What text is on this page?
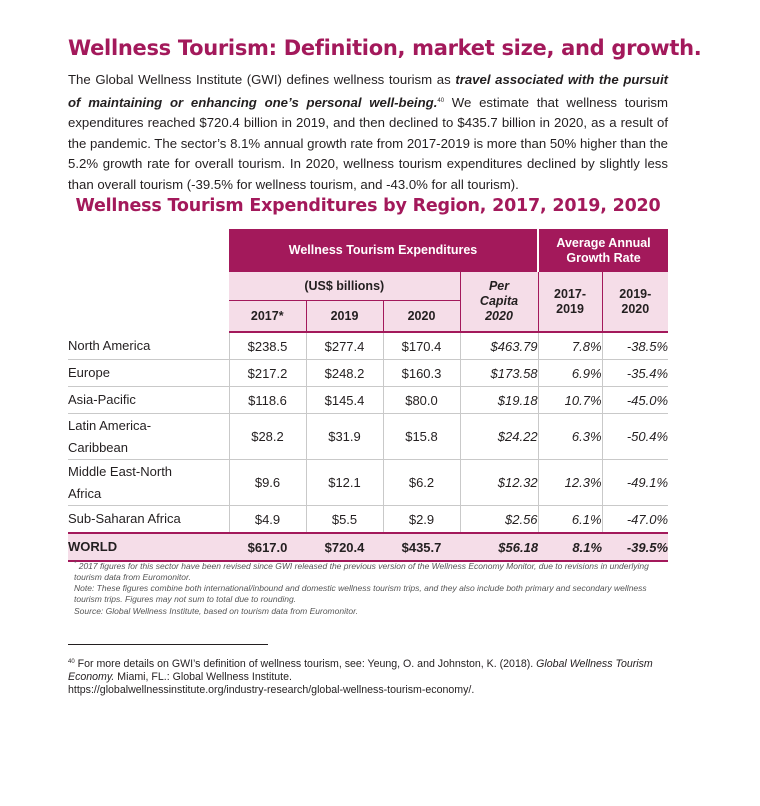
Wellness Tourism: Definition, market size, and growth.

The Global Wellness Institute (GWI) defines wellness tourism as travel associated with the pursuit of maintaining or enhancing one’s personal well-being.$^{40}$ We estimate that wellness tourism expenditures reached $720.4 billion in 2019, and then declined to $435.7 billion in 2020, as a result of the pandemic. The sector’s 8.1% annual growth rate from 2017-2019 is more than 50% higher than the 5.2% growth rate for overall tourism. In 2020, wellness tourism expenditures declined by slightly less than overall tourism (-39.5% for wellness tourism, and -43.0% for all tourism).

Wellness Tourism Expenditures by Region, 2017, 2019, 2020
	Wellness Tourism Expenditures				Average Annual Growth Rate	

	(US$ billions)			Per Capita 2020	2017-2019	2019-2020

	2017*	2019	2020			
North America	$238.5	$277.4	$170.4	$463.79	7.8%	-38.5%
Europe	$217.2	$248.2	$160.3	$173.58	6.9%	-35.4%
Asia-Pacific	$118.6	$145.4	$80.0	$19.18	10.7%	-45.0%
Latin America-
Caribbean	$28.2	$31.9	$15.8	$24.22	6.3%	-50.4%
Middle East-North
Africa	$9.6	$12.1	$6.2	$12.32	12.3%	-49.1%
Sub-Saharan Africa	$4.9	$5.5	$2.9	$2.56	6.1%	-47.0%
WORLD	$617.0	$720.4	$435.7	$56.18	8.1%	-39.5%
* 2017 figures for this sector have been revised since GWI released the previous version of the Wellness Economy Monitor, due to revisions in underlying tourism data from Euromonitor.
Note: These figures combine both international/inbound and domestic wellness tourism trips, and they also include both primary and secondary wellness tourism trips. Figures may not sum to total due to rounding.
Source: Global Wellness Institute, based on tourism data from Euromonitor.
$^{40}$ For more details on GWI’s definition of wellness tourism, see: Yeung, O. and Johnston, K. (2018). Global Wellness Tourism Economy. Miami, FL.: Global Wellness Institute.
https://globalwellnessinstitute.org/industry-research/global-wellness-tourism-economy/.
